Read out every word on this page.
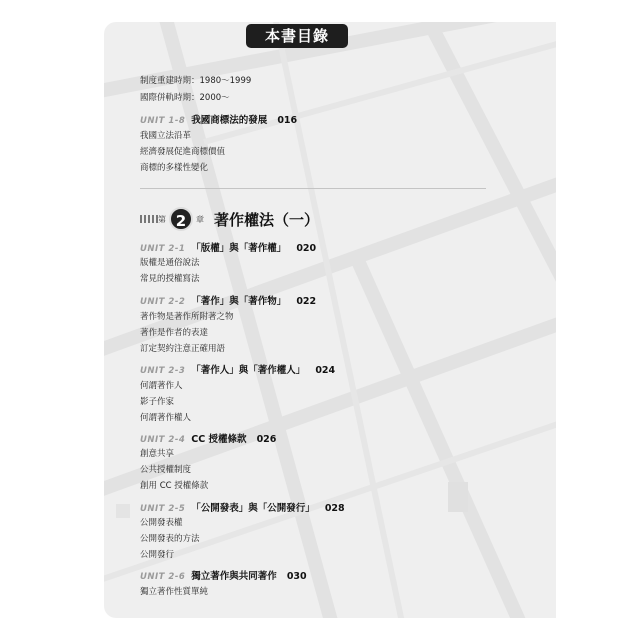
本書目錄
制度重建時期：1980～1999
國際併軌時期：2000～
UNIT 1-8 我國商標法的發展 016
我國立法沿革
經濟發展促進商標價值
商標的多樣性變化
第 2	章 著作權法（一）
UNIT 2-1 「版權」與「著作權」 020
版權是通俗說法
常見的授權寫法
UNIT 2-2 「著作」與「著作物」 022
著作物是著作所附著之物
著作是作者的表達
訂定契約注意正確用語
UNIT 2-3 「著作人」與「著作權人」 024
何謂著作人
影子作家
何謂著作權人
UNIT 2-4 CC 授權條款 026
創意共享
公共授權制度
創用 CC 授權條款
UNIT 2-5 「公開發表」與「公開發行」 028
公開發表權
公開發表的方法
公開發行
UNIT 2-6 獨立著作與共同著作 030
獨立著作性質單純
